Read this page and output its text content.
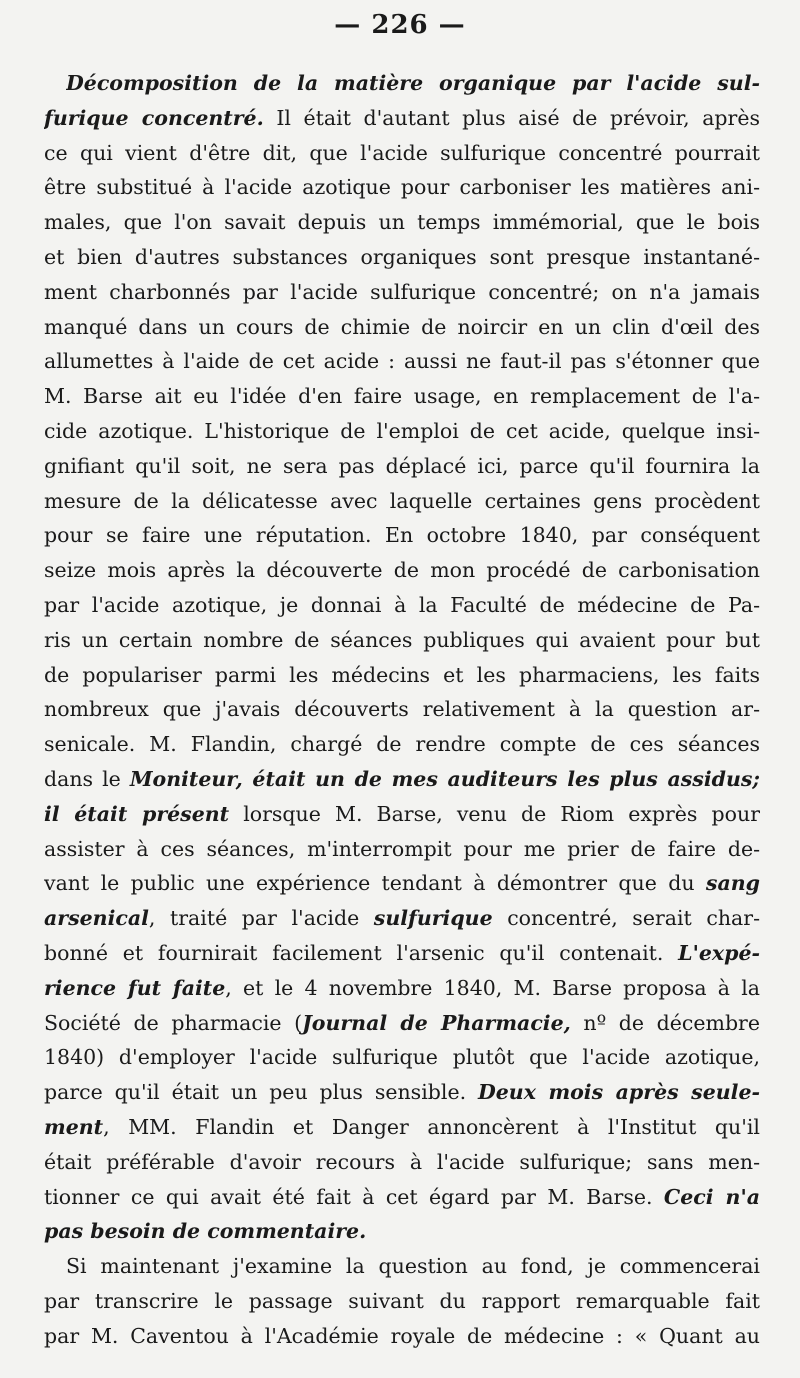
— 226 —
Décomposition de la matière organique par l'acide sul-
furique concentré. Il était d'autant plus aisé de prévoir, après
ce qui vient d'être dit, que l'acide sulfurique concentré pourrait
être substitué à l'acide azotique pour carboniser les matières ani-
males, que l'on savait depuis un temps immémorial, que le bois
et bien d'autres substances organiques sont presque instantané-
ment charbonnés par l'acide sulfurique concentré; on n'a jamais
manqué dans un cours de chimie de noircir en un clin d'œil des
allumettes à l'aide de cet acide : aussi ne faut-il pas s'étonner que
M. Barse ait eu l'idée d'en faire usage, en remplacement de l'a-
cide azotique. L'historique de l'emploi de cet acide, quelque insi-
gnifiant qu'il soit, ne sera pas déplacé ici, parce qu'il fournira la
mesure de la délicatesse avec laquelle certaines gens procèdent
pour se faire une réputation. En octobre 1840, par conséquent
seize mois après la découverte de mon procédé de carbonisation
par l'acide azotique, je donnai à la Faculté de médecine de Pa-
ris un certain nombre de séances publiques qui avaient pour but
de populariser parmi les médecins et les pharmaciens, les faits
nombreux que j'avais découverts relativement à la question ar-
senicale. M. Flandin, chargé de rendre compte de ces séances
dans le Moniteur, était un de mes auditeurs les plus assidus;
il était présent lorsque M. Barse, venu de Riom exprès pour
assister à ces séances, m'interrompit pour me prier de faire de-
vant le public une expérience tendant à démontrer que du sang
arsenical, traité par l'acide sulfurique concentré, serait char-
bonné et fournirait facilement l'arsenic qu'il contenait. L'expé-
rience fut faite, et le 4 novembre 1840, M. Barse proposa à la
Société de pharmacie (Journal de Pharmacie, nº de décembre
1840) d'employer l'acide sulfurique plutôt que l'acide azotique,
parce qu'il était un peu plus sensible. Deux mois après seule-
ment, MM. Flandin et Danger annoncèrent à l'Institut qu'il
était préférable d'avoir recours à l'acide sulfurique; sans men-
tionner ce qui avait été fait à cet égard par M. Barse. Ceci n'a
pas besoin de commentaire.
Si maintenant j'examine la question au fond, je commencerai
par transcrire le passage suivant du rapport remarquable fait
par M. Caventou à l'Académie royale de médecine : « Quant au
